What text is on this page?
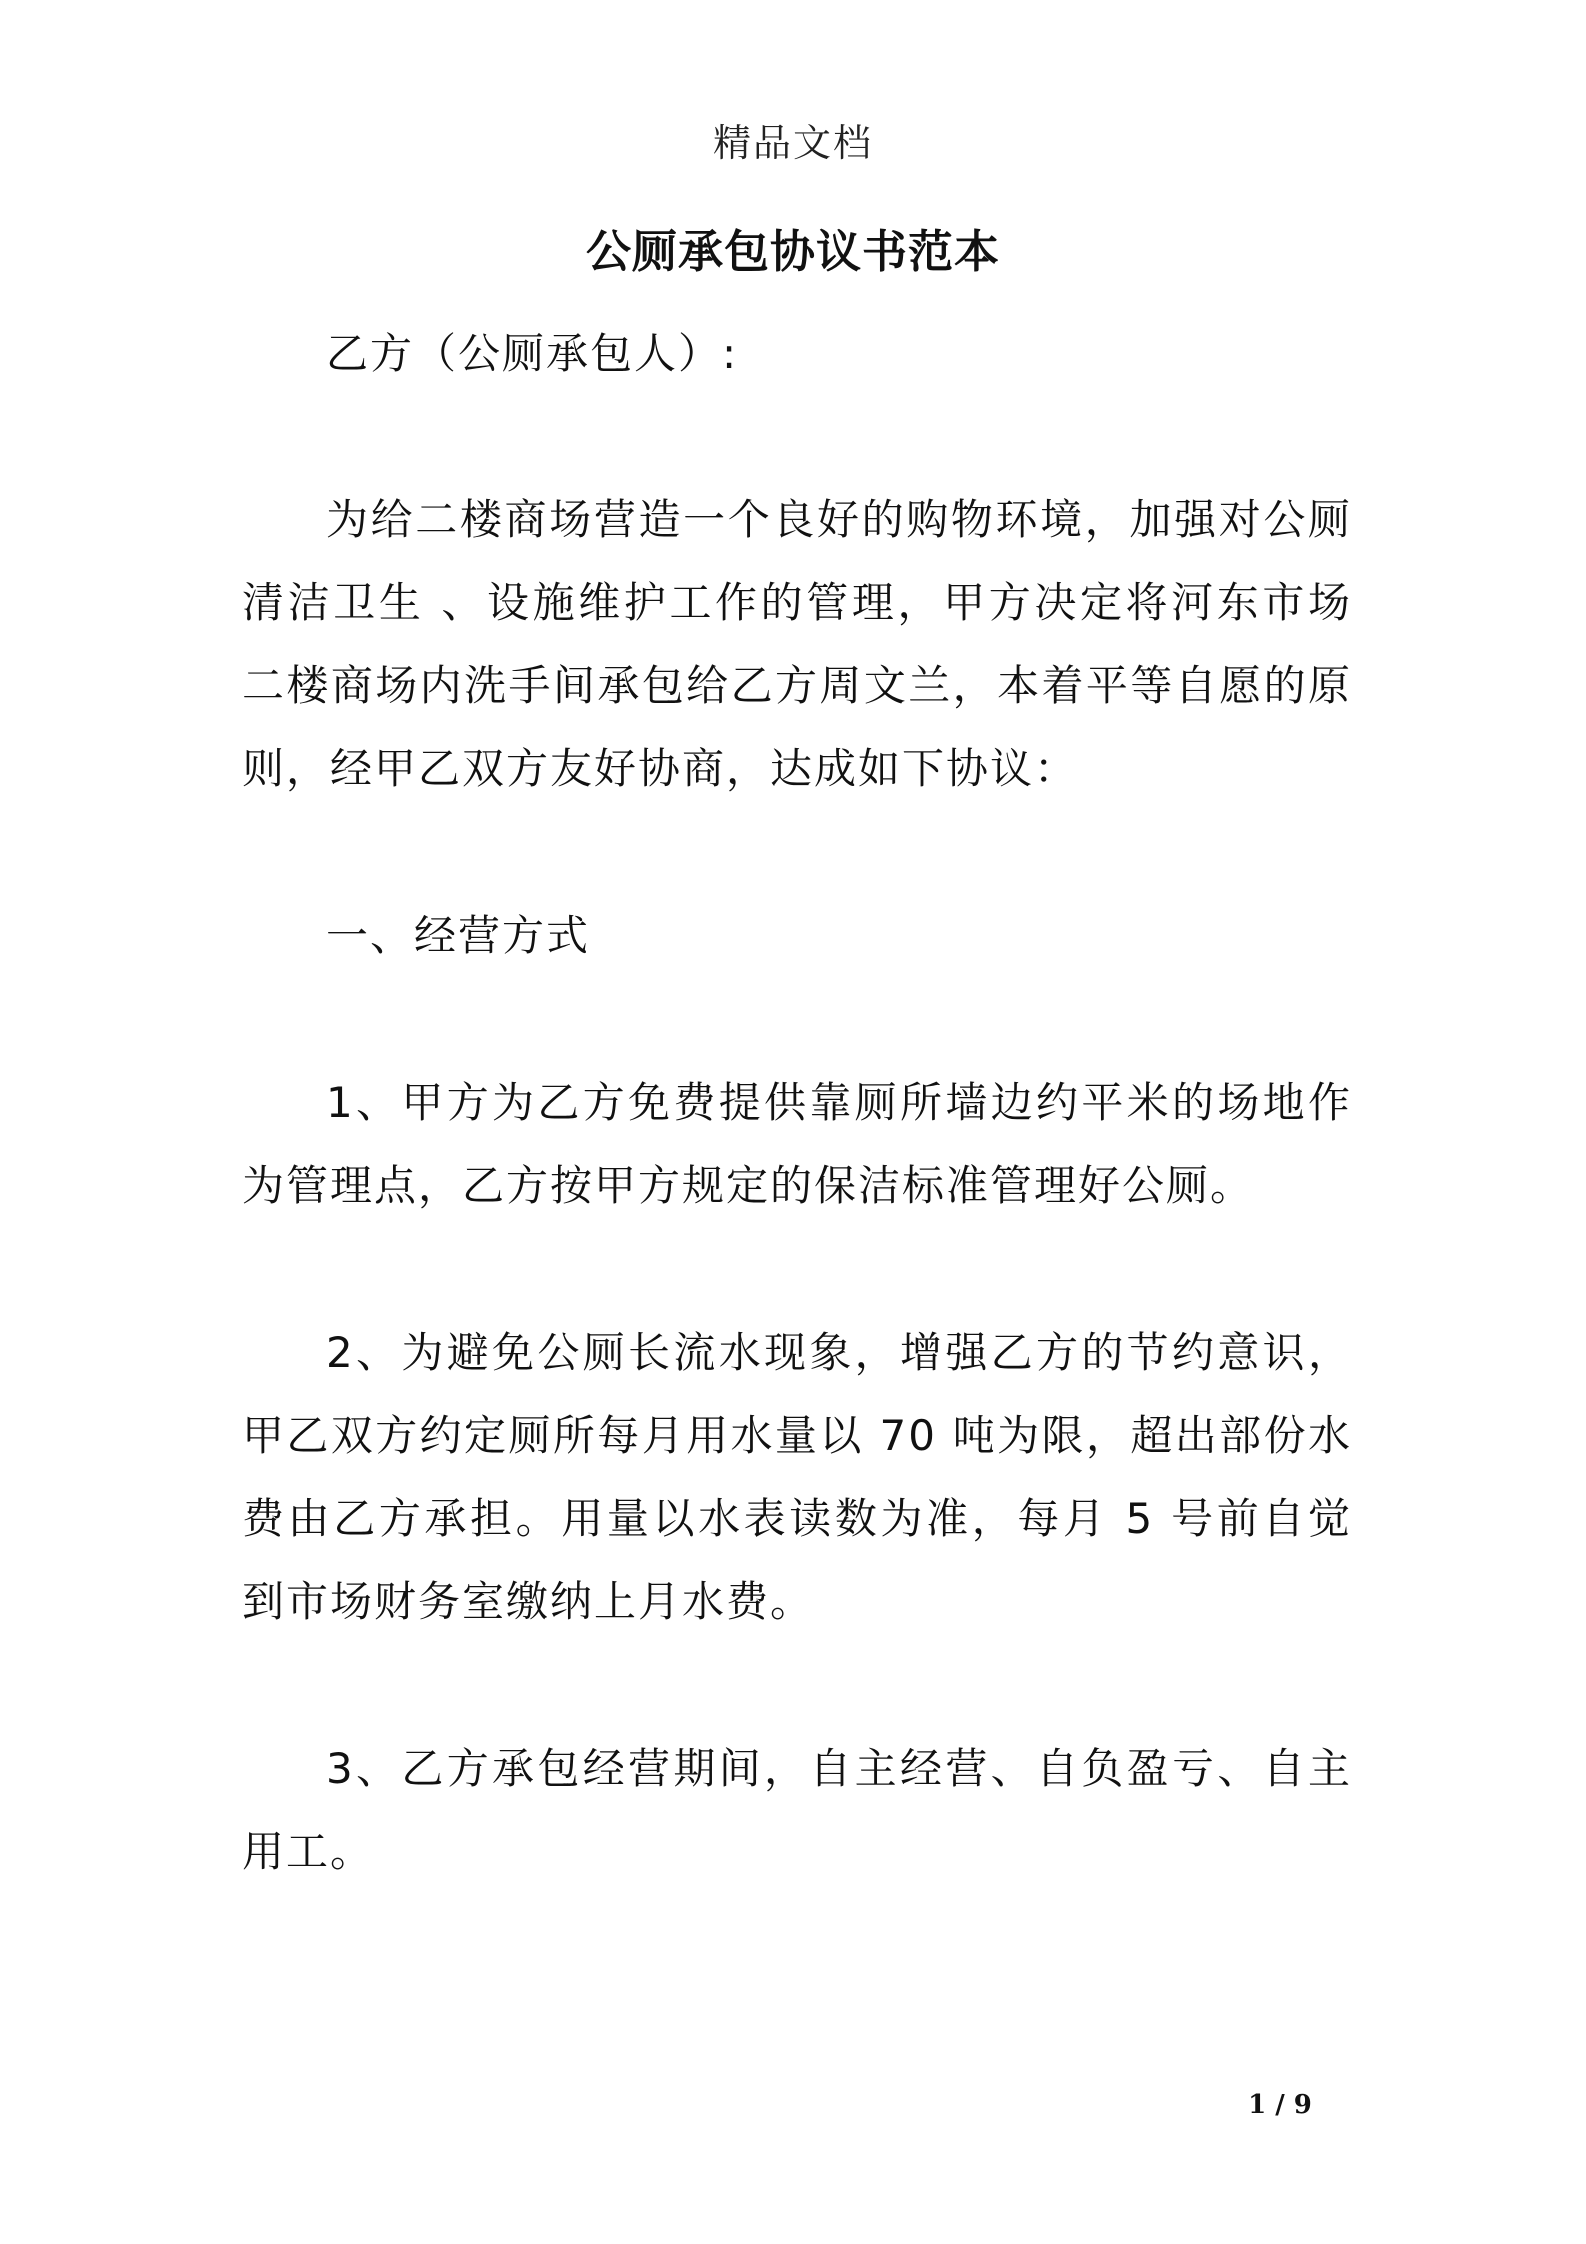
精品文档
公厕承包协议书范本
乙方（公厕承包人）:

为给二楼商场营造一个良好的购物环境，加强对公厕清洁卫生 、设施维护工作的管理，甲方决定将河东市场二楼商场内洗手间承包给乙方周文兰，本着平等自愿的原则，经甲乙双方友好协商，达成如下协议：

一、经营方式

1、甲方为乙方免费提供靠厕所墙边约平米的场地作为管理点，乙方按甲方规定的保洁标准管理好公厕。

2、为避免公厕长流水现象，增强乙方的节约意识，甲乙双方约定厕所每月用水量以 70 吨为限，超出部份水费由乙方承担。用量以水表读数为准，每月 5 号前自觉到市场财务室缴纳上月水费。

3、乙方承包经营期间，自主经营、自负盈亏、自主用工。

1 / 9
